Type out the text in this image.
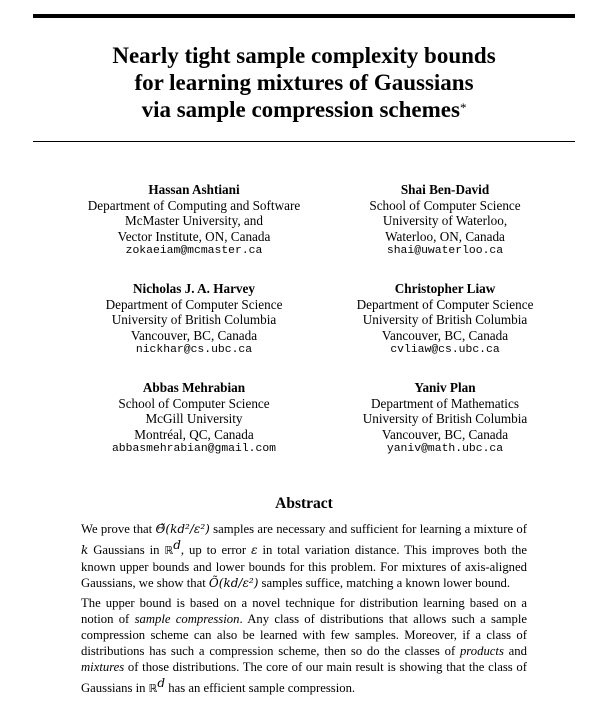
Nearly tight sample complexity bounds
for learning mixtures of Gaussians
via sample compression schemes*
Hassan Ashtiani
Department of Computing and Software
McMaster University, and
Vector Institute, ON, Canada
zokaeiam@mcmaster.ca
Shai Ben-David
School of Computer Science
University of Waterloo,
Waterloo, ON, Canada
shai@uwaterloo.ca
Nicholas J. A. Harvey
Department of Computer Science
University of British Columbia
Vancouver, BC, Canada
nickhar@cs.ubc.ca
Christopher Liaw
Department of Computer Science
University of British Columbia
Vancouver, BC, Canada
cvliaw@cs.ubc.ca
Abbas Mehrabian
School of Computer Science
McGill University
Montréal, QC, Canada
abbasmehrabian@gmail.com
Yaniv Plan
Department of Mathematics
University of British Columbia
Vancouver, BC, Canada
yaniv@math.ubc.ca
Abstract

We prove that Θ̃(kd²/ε²) samples are necessary and sufficient for learning a mixture of k Gaussians in ℝ$^d$, up to error ε in total variation distance. This improves both the known upper bounds and lower bounds for this problem. For mixtures of axis-aligned Gaussians, we show that Õ(kd/ε²) samples suffice, matching a known lower bound.

The upper bound is based on a novel technique for distribution learning based on a notion of sample compression. Any class of distributions that allows such a sample compression scheme can also be learned with few samples. Moreover, if a class of distributions has such a compression scheme, then so do the classes of products and mixtures of those distributions. The core of our main result is showing that the class of Gaussians in ℝ$^d$ has an efficient sample compression.
